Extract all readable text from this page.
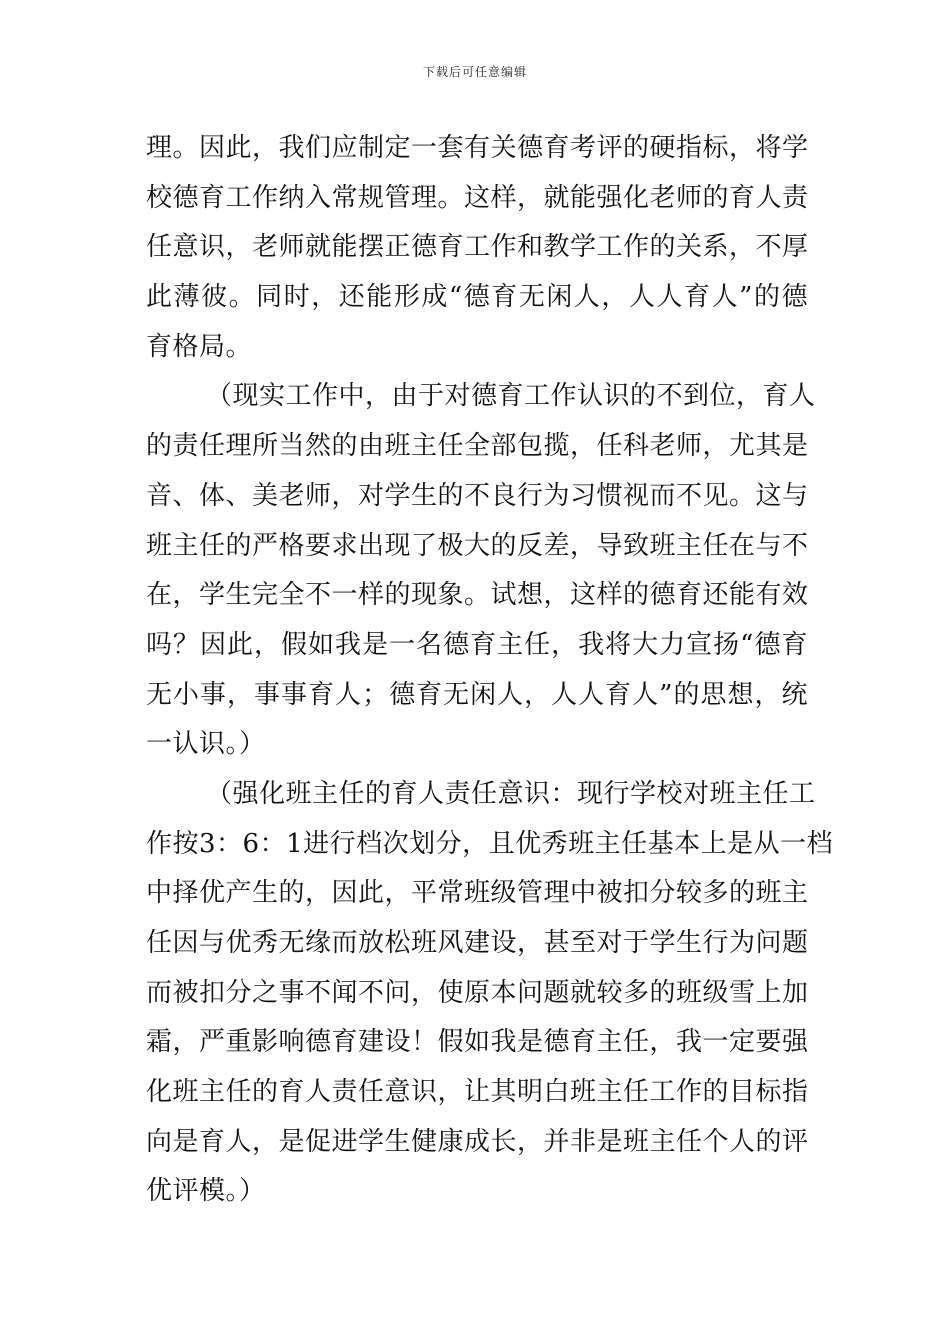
下载后可任意编辑
理。因此，我们应制定一套有关德育考评的硬指标，将学
校德育工作纳入常规管理。这样，就能强化老师的育人责
任意识，老师就能摆正德育工作和教学工作的关系，不厚
此薄彼。同时，还能形成“德育无闲人，人人育人”的德
育格局。
（现实工作中，由于对德育工作认识的不到位，育人
的责任理所当然的由班主任全部包揽，任科老师，尤其是
音、体、美老师，对学生的不良行为习惯视而不见。这与
班主任的严格要求出现了极大的反差，导致班主任在与不
在，学生完全不一样的现象。试想，这样的德育还能有效
吗？因此，假如我是一名德育主任，我将大力宣扬“德育
无小事，事事育人；德育无闲人，人人育人”的思想，统
一认识。）
（强化班主任的育人责任意识：现行学校对班主任工
作按3：6：1进行档次划分，且优秀班主任基本上是从一档
中择优产生的，因此，平常班级管理中被扣分较多的班主
任因与优秀无缘而放松班风建设，甚至对于学生行为问题
而被扣分之事不闻不问，使原本问题就较多的班级雪上加
霜，严重影响德育建设！假如我是德育主任，我一定要强
化班主任的育人责任意识，让其明白班主任工作的目标指
向是育人，是促进学生健康成长，并非是班主任个人的评
优评模。）
